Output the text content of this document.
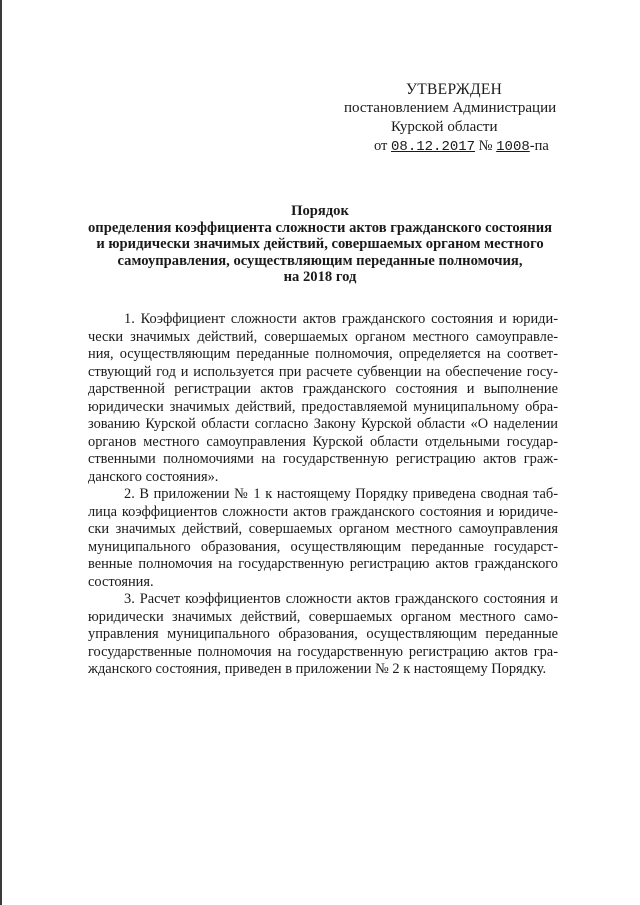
УТВЕРЖДЕН
постановлением Администрации
Курской области
от 08.12.2017 № 1008-па
Порядок
определения коэффициента сложности актов гражданского состояния
и юридически значимых действий, совершаемых органом местного
самоуправления, осуществляющим переданные полномочия,
на 2018 год
1. Коэффициент сложности актов гражданского состояния и юриди-
чески значимых действий, совершаемых органом местного самоуправле-
ния, осуществляющим переданные полномочия, определяется на соответ-
ствующий год и используется при расчете субвенции на обеспечение госу-
дарственной регистрации актов гражданского состояния и выполнение
юридически значимых действий, предоставляемой муниципальному обра-
зованию Курской области согласно Закону Курской области «О наделении
органов местного самоуправления Курской области отдельными государ-
ственными полномочиями на государственную регистрацию актов граж-
данского состояния».
2. В приложении № 1 к настоящему Порядку приведена сводная таб-
лица коэффициентов сложности актов гражданского состояния и юридиче-
ски значимых действий, совершаемых органом местного самоуправления
муниципального образования, осуществляющим переданные государст-
венные полномочия на государственную регистрацию актов гражданского
состояния.
3. Расчет коэффициентов сложности актов гражданского состояния и
юридически значимых действий, совершаемых органом местного само-
управления муниципального образования, осуществляющим переданные
государственные полномочия на государственную регистрацию актов гра-
жданского состояния, приведен в приложении № 2 к настоящему Порядку.
